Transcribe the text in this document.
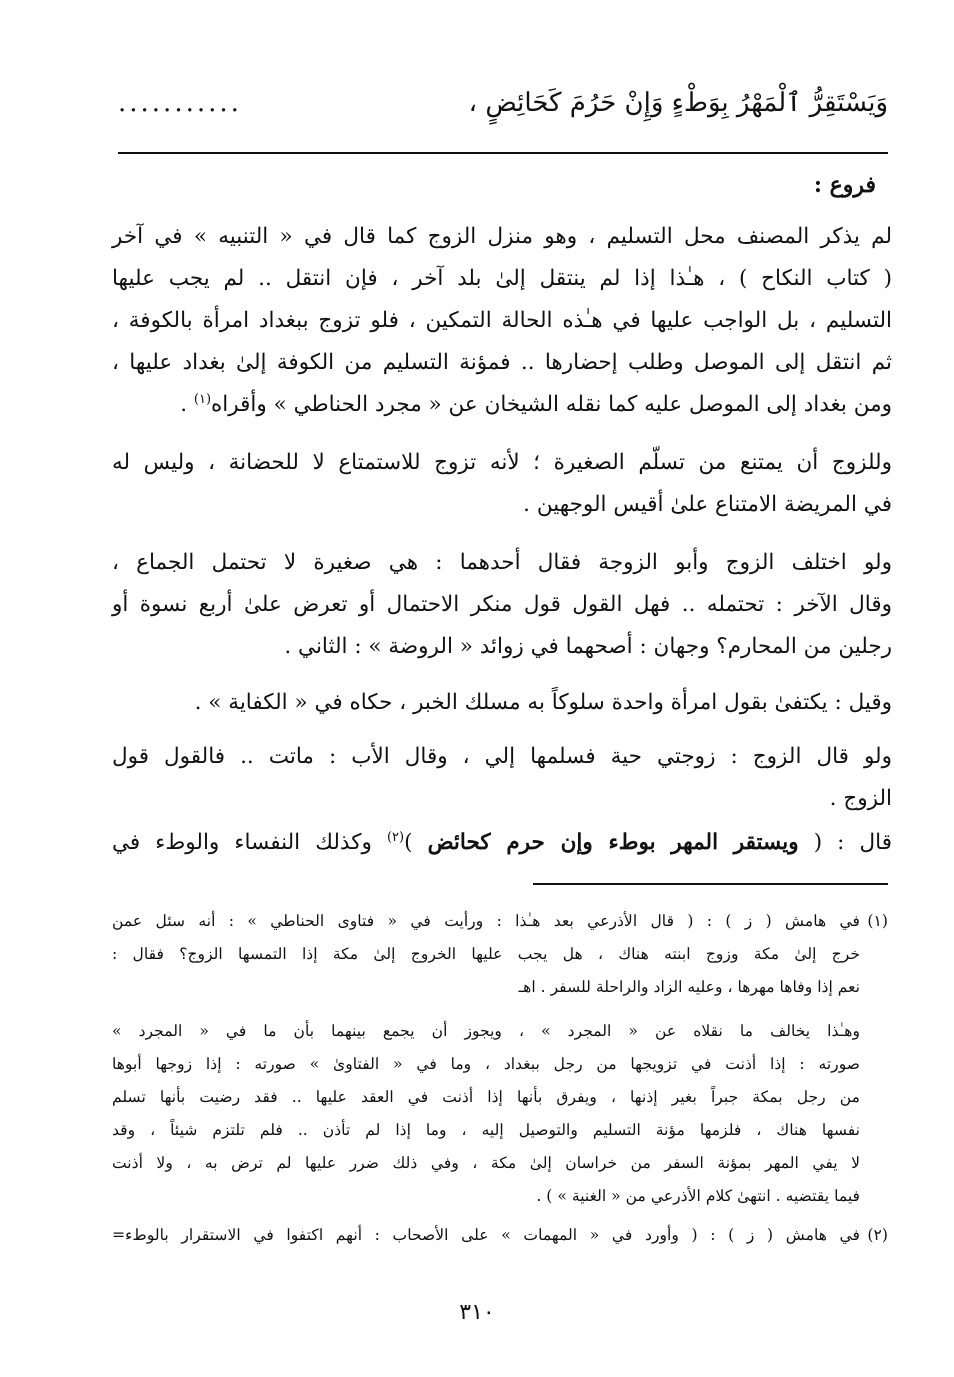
وَيَسْتَقِرُّ ٱلْمَهْرُ بِوَطْءٍ وَإِنْ حَرُمَ كَحَائِضٍ ،
...........
فروع :
لم يذكر المصنف محل التسليم ، وهو منزل الزوج كما قال في « التنبيه » في آخر
( كتاب النكاح ) ، هـٰذا إذا لم ينتقل إلىٰ بلد آخر ، فإن انتقل .. لم يجب عليها
التسليم ، بل الواجب عليها في هـٰذه الحالة التمكين ، فلو تزوج ببغداد امرأة بالكوفة ،
ثم انتقل إلى الموصل وطلب إحضارها .. فمؤنة التسليم من الكوفة إلىٰ بغداد عليها ،
ومن بغداد إلى الموصل عليه كما نقله الشيخان عن « مجرد الحناطي » وأقراه$^{(١)}$ .
وللزوج أن يمتنع من تسلّم الصغيرة ؛ لأنه تزوج للاستمتاع لا للحضانة ، وليس له
في المريضة الامتناع علىٰ أقيس الوجهين .
ولو اختلف الزوج وأبو الزوجة فقال أحدهما : هي صغيرة لا تحتمل الجماع ،
وقال الآخر : تحتمله .. فهل القول قول منكر الاحتمال أو تعرض علىٰ أربع نسوة أو
رجلين من المحارم؟ وجهان : أصحهما في زوائد « الروضة » : الثاني .
وقيل : يكتفىٰ بقول امرأة واحدة سلوكاً به مسلك الخبر ، حكاه في « الكفاية » .
ولو قال الزوج : زوجتي حية فسلمها إلي ، وقال الأب : ماتت .. فالقول قول
الزوج .
قال : ( ويستقر المهر بوطء وإن حرم كحائض )$^{(٢)}$ وكذلك النفساء والوطء في
(١)
في هامش ( ز ) : ( قال الأذرعي بعد هـٰذا : ورأيت في « فتاوى الحناطي » : أنه سئل عمن
خرج إلىٰ مكة وزوج ابنته هناك ، هل يجب عليها الخروج إلىٰ مكة إذا التمسها الزوج؟ فقال :
نعم إذا وفاها مهرها ، وعليه الزاد والراحلة للسفر . اهـ
وهـٰذا يخالف ما نقلاه عن « المجرد » ، ويجوز أن يجمع بينهما بأن ما في « المجرد »
صورته : إذا أذنت في تزويجها من رجل ببغداد ، وما في « الفتاوىٰ » صورته : إذا زوجها أبوها
من رجل بمكة جبراً بغير إذنها ، ويفرق بأنها إذا أذنت في العقد عليها .. فقد رضيت بأنها تسلم
نفسها هناك ، فلزمها مؤنة التسليم والتوصيل إليه ، وما إذا لم تأذن .. فلم تلتزم شيئاً ، وقد
لا يفي المهر بمؤنة السفر من خراسان إلىٰ مكة ، وفي ذلك ضرر عليها لم ترض به ، ولا أذنت
فيما يقتضيه . انتهىٰ كلام الأذرعي من « الغنية » ) .
(٢)
في هامش ( ز ) : ( وأورد في « المهمات » على الأصحاب : أنهم اكتفوا في الاستقرار بالوطء=
٣١٠
